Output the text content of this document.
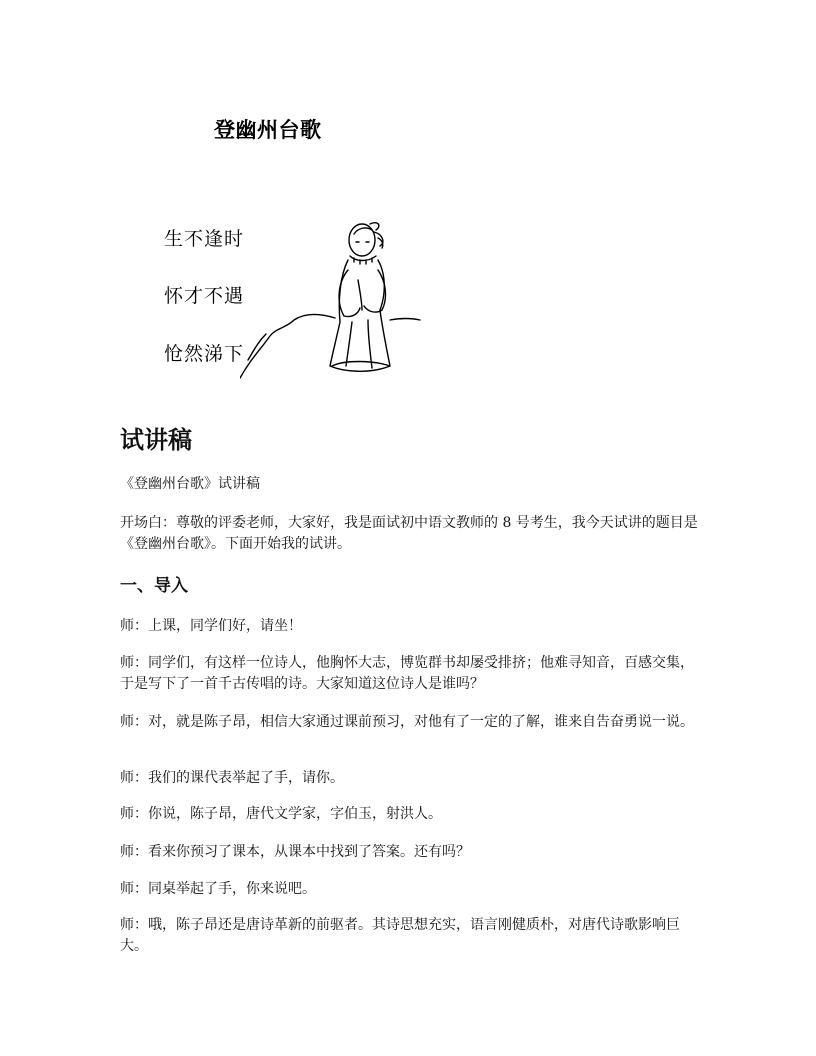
登幽州台歌
生不逢时
怀才不遇
怆然涕下
试讲稿

《登幽州台歌》试讲稿

开场白：尊敬的评委老师，大家好，我是面试初中语文教师的 8 号考生，我今天试讲的题目是《登幽州台歌》。下面开始我的试讲。

一、导入

师：上课，同学们好，请坐！

师：同学们，有这样一位诗人，他胸怀大志，博览群书却屡受排挤；他难寻知音，百感交集，于是写下了一首千古传唱的诗。大家知道这位诗人是谁吗？

师：对，就是陈子昂，相信大家通过课前预习，对他有了一定的了解，谁来自告奋勇说一说。

师：我们的课代表举起了手，请你。

师：你说，陈子昂，唐代文学家，字伯玉，射洪人。

师：看来你预习了课本，从课本中找到了答案。还有吗？

师：同桌举起了手，你来说吧。

师：哦，陈子昂还是唐诗革新的前驱者。其诗思想充实，语言刚健质朴，对唐代诗歌影响巨大。
